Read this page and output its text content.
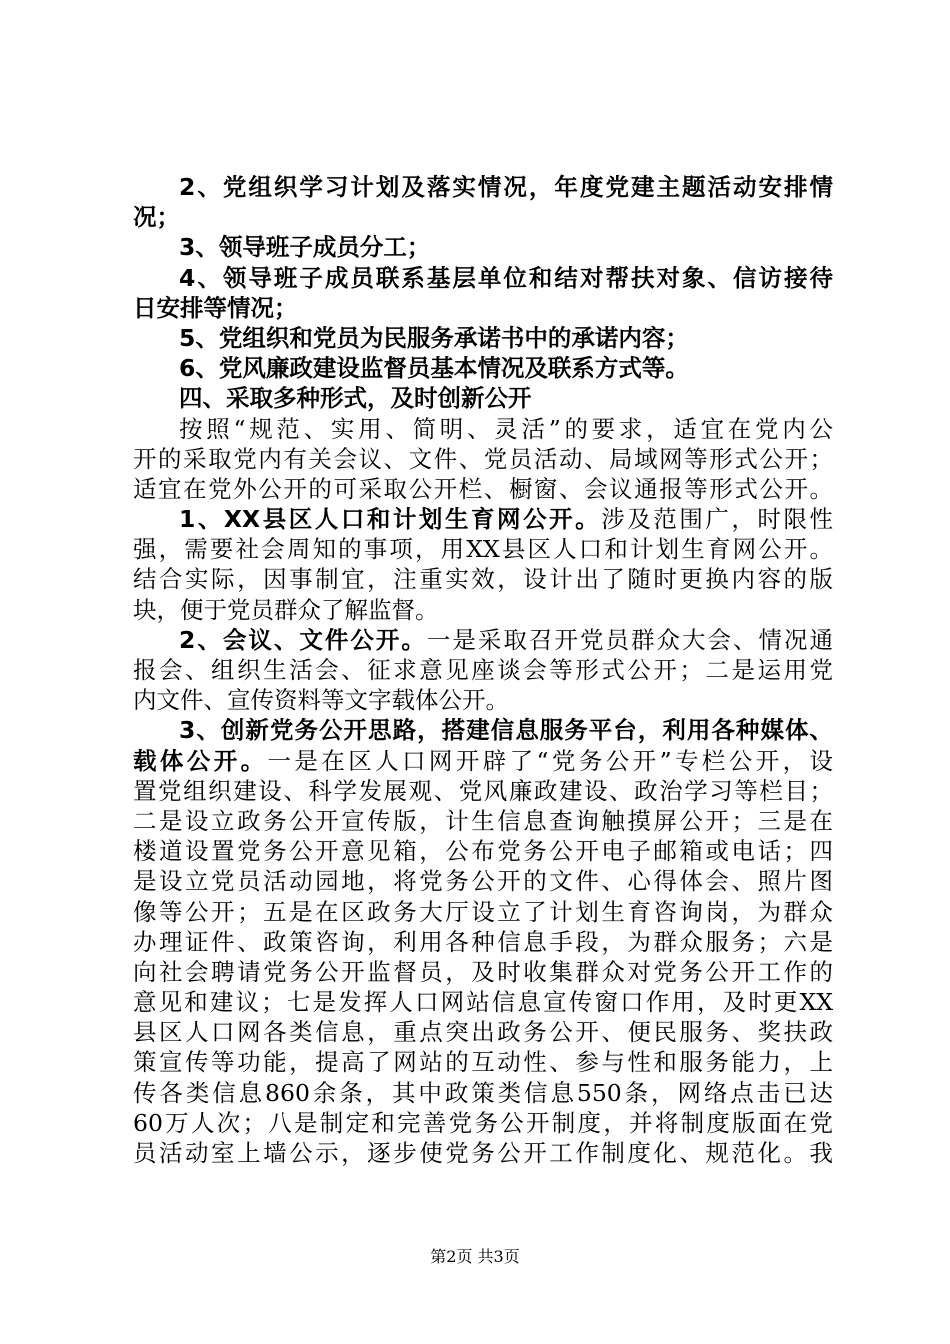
2、党组织学习计划及落实情况，年度党建主题活动安排情
况；
3、领导班子成员分工；
4、领导班子成员联系基层单位和结对帮扶对象、信访接待
日安排等情况；
5、党组织和党员为民服务承诺书中的承诺内容；
6、党风廉政建设监督员基本情况及联系方式等。
四、采取多种形式，及时创新公开
按照“规范、实用、简明、灵活”的要求，适宜在党内公
开的采取党内有关会议、文件、党员活动、局域网等形式公开；
适宜在党外公开的可采取公开栏、橱窗、会议通报等形式公开。
1、XX县区人口和计划生育网公开。涉及范围广，时限性
强，需要社会周知的事项，用XX县区人口和计划生育网公开。
结合实际，因事制宜，注重实效，设计出了随时更换内容的版
块，便于党员群众了解监督。
2、会议、文件公开。一是采取召开党员群众大会、情况通
报会、组织生活会、征求意见座谈会等形式公开；二是运用党
内文件、宣传资料等文字载体公开。
3、创新党务公开思路，搭建信息服务平台，利用各种媒体、
载体公开。一是在区人口网开辟了“党务公开”专栏公开，设
置党组织建设、科学发展观、党风廉政建设、政治学习等栏目；
二是设立政务公开宣传版，计生信息查询触摸屏公开；三是在
楼道设置党务公开意见箱，公布党务公开电子邮箱或电话；四
是设立党员活动园地，将党务公开的文件、心得体会、照片图
像等公开；五是在区政务大厅设立了计划生育咨询岗，为群众
办理证件、政策咨询，利用各种信息手段，为群众服务；六是
向社会聘请党务公开监督员，及时收集群众对党务公开工作的
意见和建议；七是发挥人口网站信息宣传窗口作用，及时更XX
县区人口网各类信息，重点突出政务公开、便民服务、奖扶政
策宣传等功能，提高了网站的互动性、参与性和服务能力，上
传各类信息860余条，其中政策类信息550条，网络点击已达
60万人次；八是制定和完善党务公开制度，并将制度版面在党
员活动室上墙公示，逐步使党务公开工作制度化、规范化。我
第2页 共3页
